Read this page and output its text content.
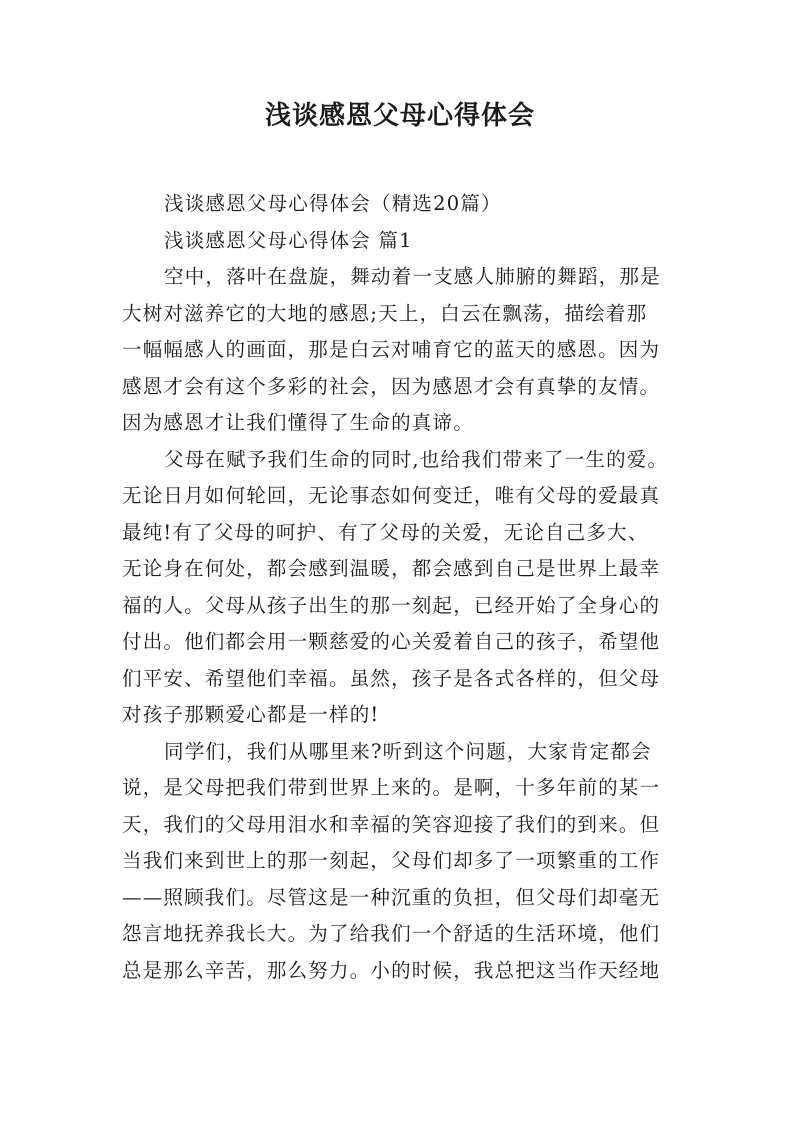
浅谈感恩父母心得体会
浅谈感恩父母心得体会（精选20篇）
浅谈感恩父母心得体会 篇1
空中，落叶在盘旋，舞动着一支感人肺腑的舞蹈，那是
大树对滋养它的大地的感恩;天上，白云在飘荡，描绘着那
一幅幅感人的画面，那是白云对哺育它的蓝天的感恩。因为
感恩才会有这个多彩的社会，因为感恩才会有真挚的友情。
因为感恩才让我们懂得了生命的真谛。
父母在赋予我们生命的同时,也给我们带来了一生的爱。
无论日月如何轮回，无论事态如何变迁，唯有父母的爱最真
最纯!有了父母的呵护、有了父母的关爱，无论自己多大、
无论身在何处，都会感到温暖，都会感到自己是世界上最幸
福的人。父母从孩子出生的那一刻起，已经开始了全身心的
付出。他们都会用一颗慈爱的心关爱着自己的孩子，希望他
们平安、希望他们幸福。虽然，孩子是各式各样的，但父母
对孩子那颗爱心都是一样的!
同学们，我们从哪里来?听到这个问题，大家肯定都会
说，是父母把我们带到世界上来的。是啊，十多年前的某一
天，我们的父母用泪水和幸福的笑容迎接了我们的到来。但
当我们来到世上的那一刻起，父母们却多了一项繁重的工作
——照顾我们。尽管这是一种沉重的负担，但父母们却毫无
怨言地抚养我长大。为了给我们一个舒适的生活环境，他们
总是那么辛苦，那么努力。小的时候，我总把这当作天经地
